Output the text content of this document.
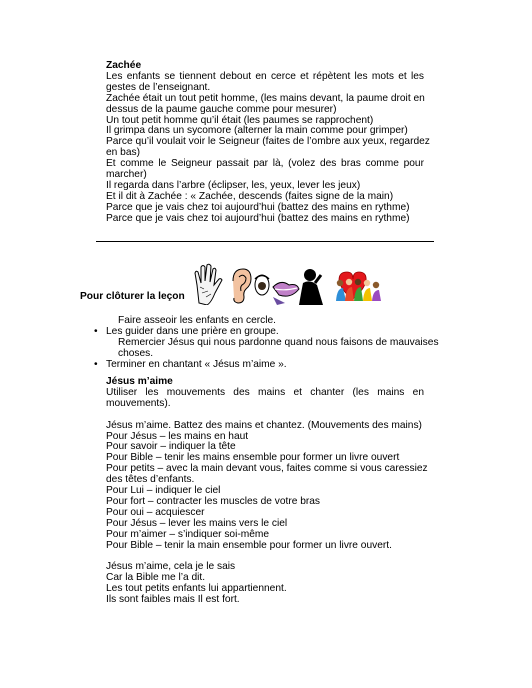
Zachée
Les enfants se tiennent debout en cerce et répètent les mots et les
gestes de l’enseignant.
Zachée était un tout petit homme, (les mains devant, la paume droit en
dessus de la paume gauche comme pour mesurer)
Un tout petit homme qu’il était (les paumes se rapprochent)
Il grimpa dans un sycomore (alterner la main comme pour grimper)
Parce qu’il voulait voir le Seigneur (faites de l’ombre aux yeux, regardez
en bas)
Et comme le Seigneur passait par là, (volez des bras comme pour
marcher)
Il regarda dans l’arbre (éclipser, les, yeux, lever les jeux)
Et il dit à Zachée : « Zachée, descends (faites signe de la main)
Parce que je vais chez toi aujourd’hui (battez des mains en rythme)
Parce que je vais chez toi aujourd’hui (battez des mains en rythme)
Pour clôturer la leçon
Faire asseoir les enfants en cercle.
• Les guider dans une prière en groupe.
Remercier Jésus qui nous pardonne quand nous faisons de mauvaises
choses.
• Terminer en chantant « Jésus m’aime ».
Jésus m’aime
Utiliser les mouvements des mains et chanter (les mains en
mouvements).
Jésus m’aime. Battez des mains et chantez. (Mouvements des mains)
Pour Jésus – les mains en haut
Pour savoir – indiquer la tête
Pour Bible – tenir les mains ensemble pour former un livre ouvert
Pour petits – avec la main devant vous, faites comme si vous caressiez
des têtes d’enfants.
Pour Lui – indiquer le ciel
Pour fort – contracter les muscles de votre bras
Pour oui – acquiescer
Pour Jésus – lever les mains vers le ciel
Pour m’aimer – s’indiquer soi-même
Pour Bible – tenir la main ensemble pour former un livre ouvert.
Jésus m’aime, cela je le sais
Car la Bible me l’a dit.
Les tout petits enfants lui appartiennent.
Ils sont faibles mais Il est fort.
